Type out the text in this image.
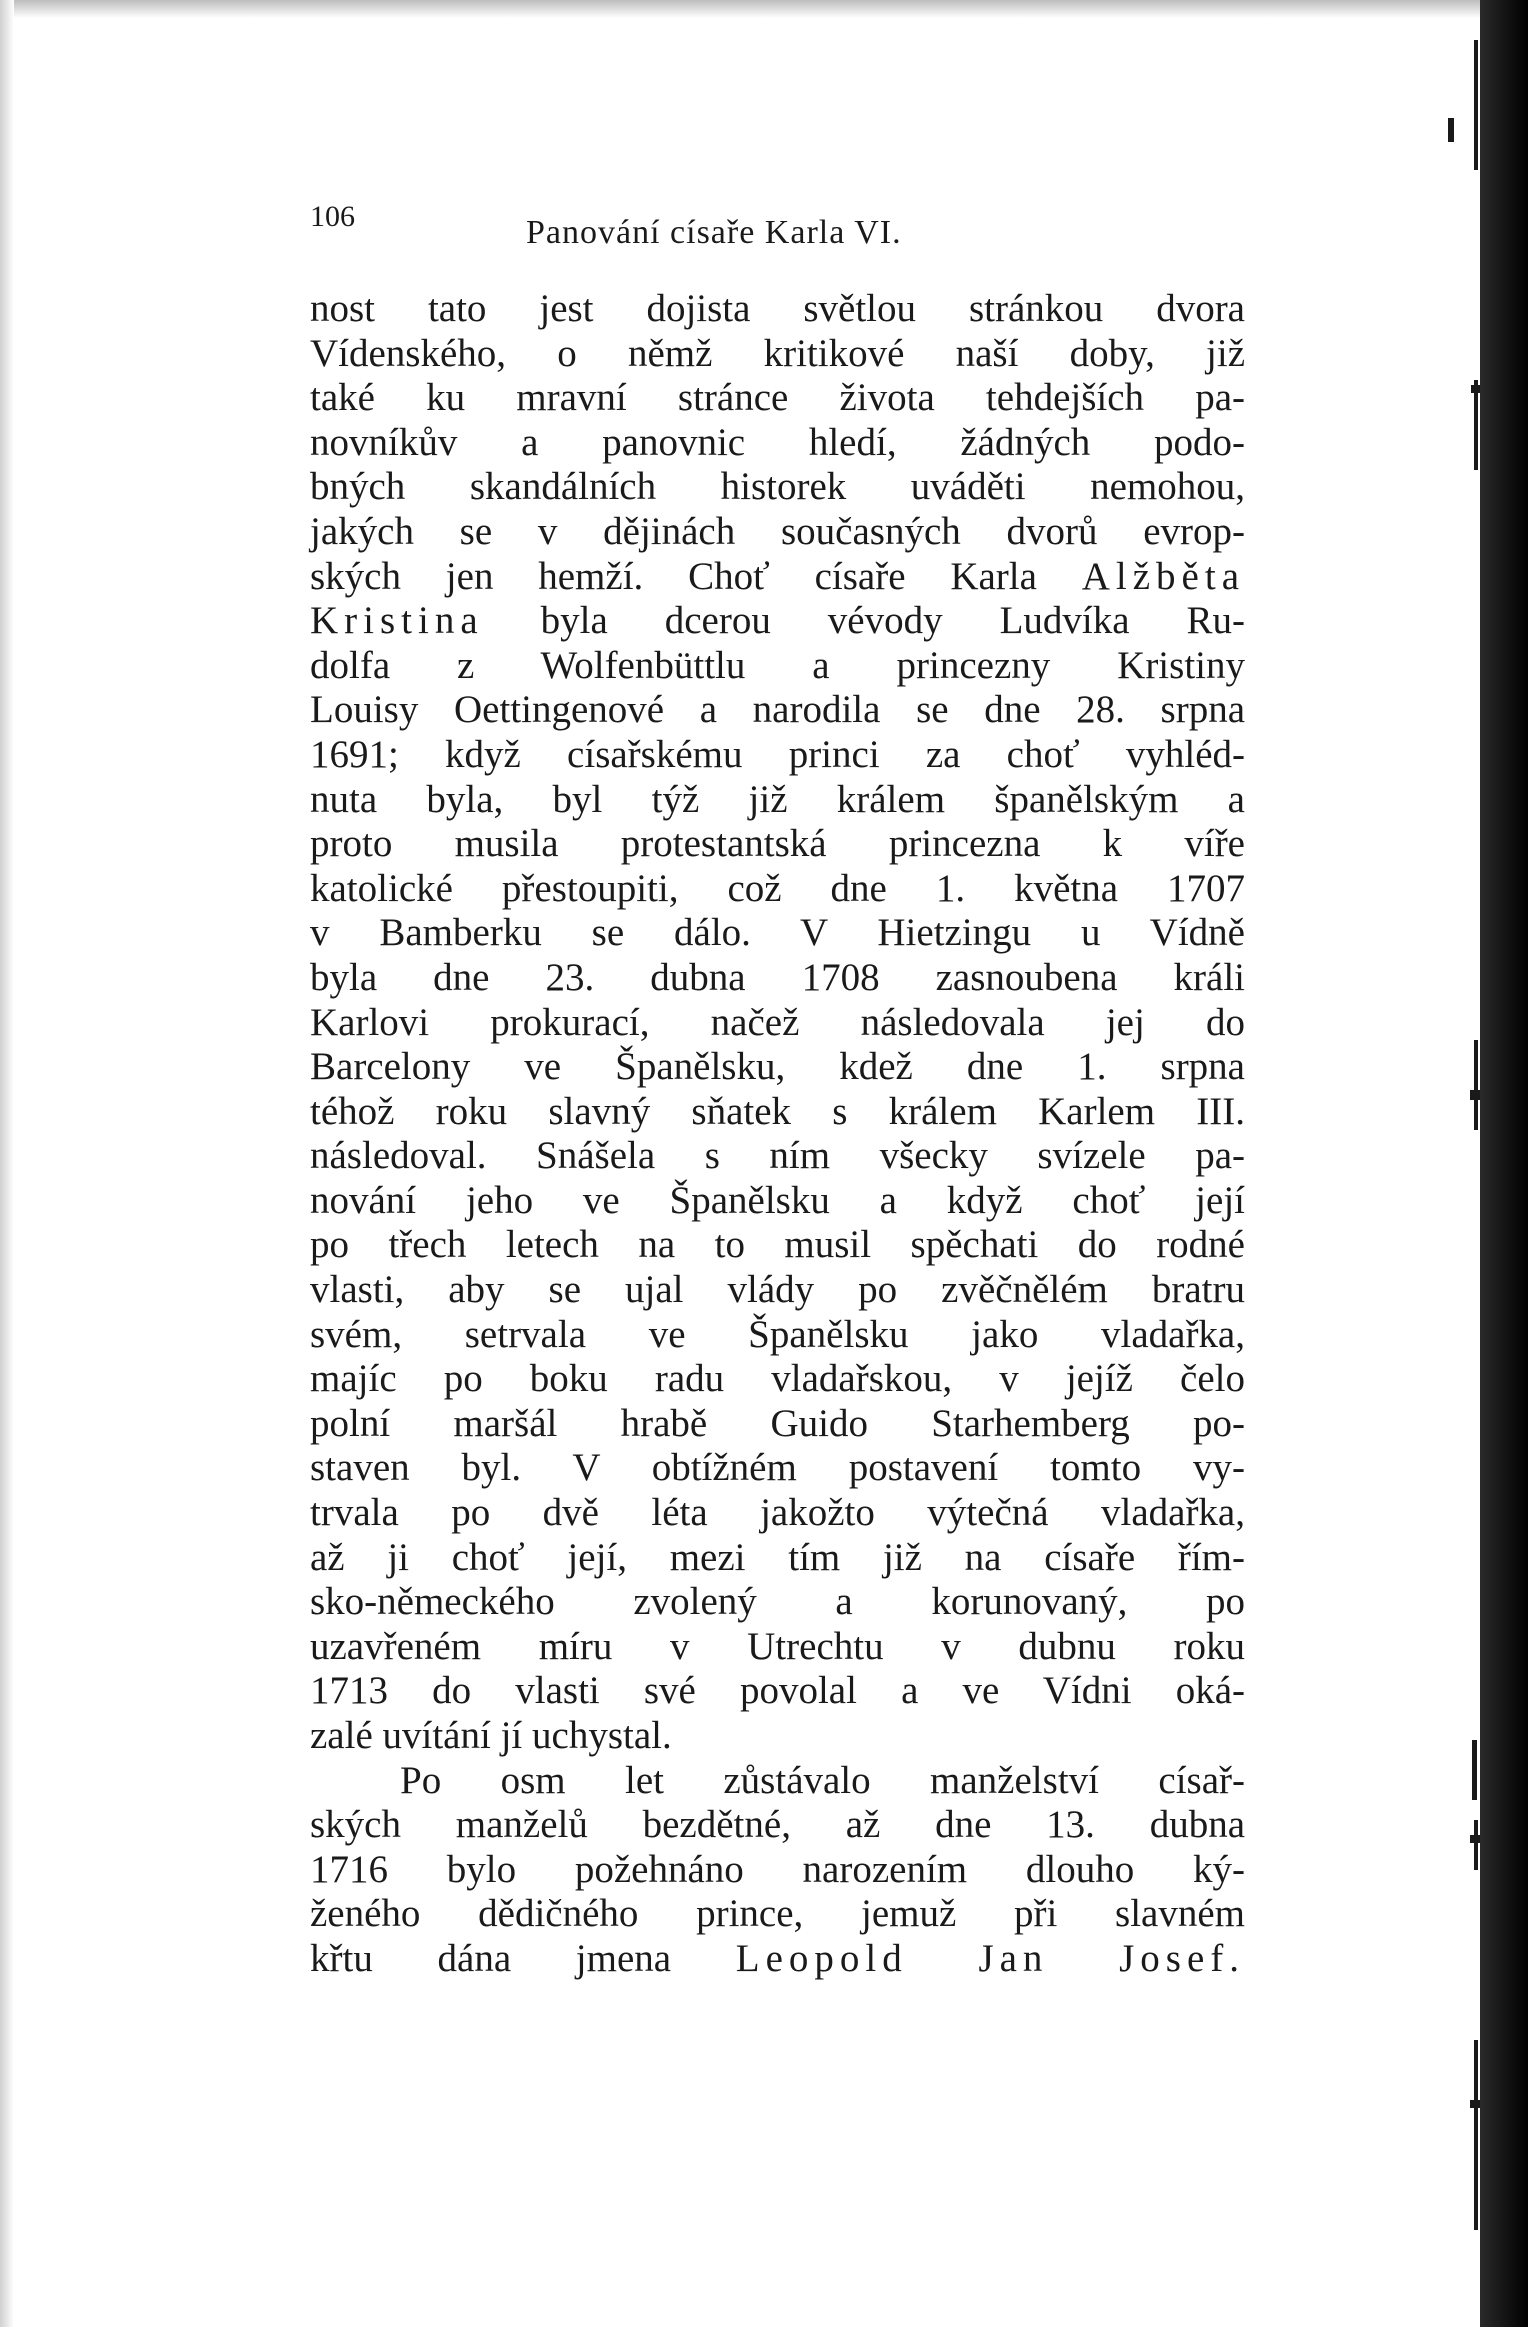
106	Panování císaře Karla VI.
nost tato jest dojista světlou stránkou dvora
Vídenského, o němž kritikové naší doby, již
také ku mravní stránce života tehdejších pa-
novníkův a panovnic hledí, žádných podo-
bných skandálních historek uváděti nemohou,
jakých se v dějinách současných dvorů evrop-
ských jen hemží. Choť císaře Karla Alžběta
Kristina byla dcerou vévody Ludvíka Ru-
dolfa z Wolfenbüttlu a princezny Kristiny
Louisy Oettingenové a narodila se dne 28. srpna
1691; když císařskému princi za choť vyhléd-
nuta byla, byl týž již králem španělským a
proto musila protestantská princezna k víře
katolické přestoupiti, což dne 1. května 1707
v Bamberku se dálo. V Hietzingu u Vídně
byla dne 23. dubna 1708 zasnoubena králi
Karlovi prokurací, načež následovala jej do
Barcelony ve Španělsku, kdež dne 1. srpna
téhož roku slavný sňatek s králem Karlem III.
následoval. Snášela s ním všecky svízele pa-
nování jeho ve Španělsku a když choť její
po třech letech na to musil spěchati do rodné
vlasti, aby se ujal vlády po zvěčnělém bratru
svém, setrvala ve Španělsku jako vladařka,
majíc po boku radu vladařskou, v jejíž čelo
polní maršál hrabě Guido Starhemberg po-
staven byl. V obtížném postavení tomto vy-
trvala po dvě léta jakožto výtečná vladařka,
až ji choť její, mezi tím již na císaře řím-
sko-německého zvolený a korunovaný, po
uzavřeném míru v Utrechtu v dubnu roku
1713 do vlasti své povolal a ve Vídni oká-
zalé uvítání jí uchystal.
Po osm let zůstávalo manželství císař-
ských manželů bezdětné, až dne 13. dubna
1716 bylo požehnáno narozením dlouho ký-
ženého dědičného prince, jemuž při slavném
křtu dána jmena Leopold Jan Josef.
